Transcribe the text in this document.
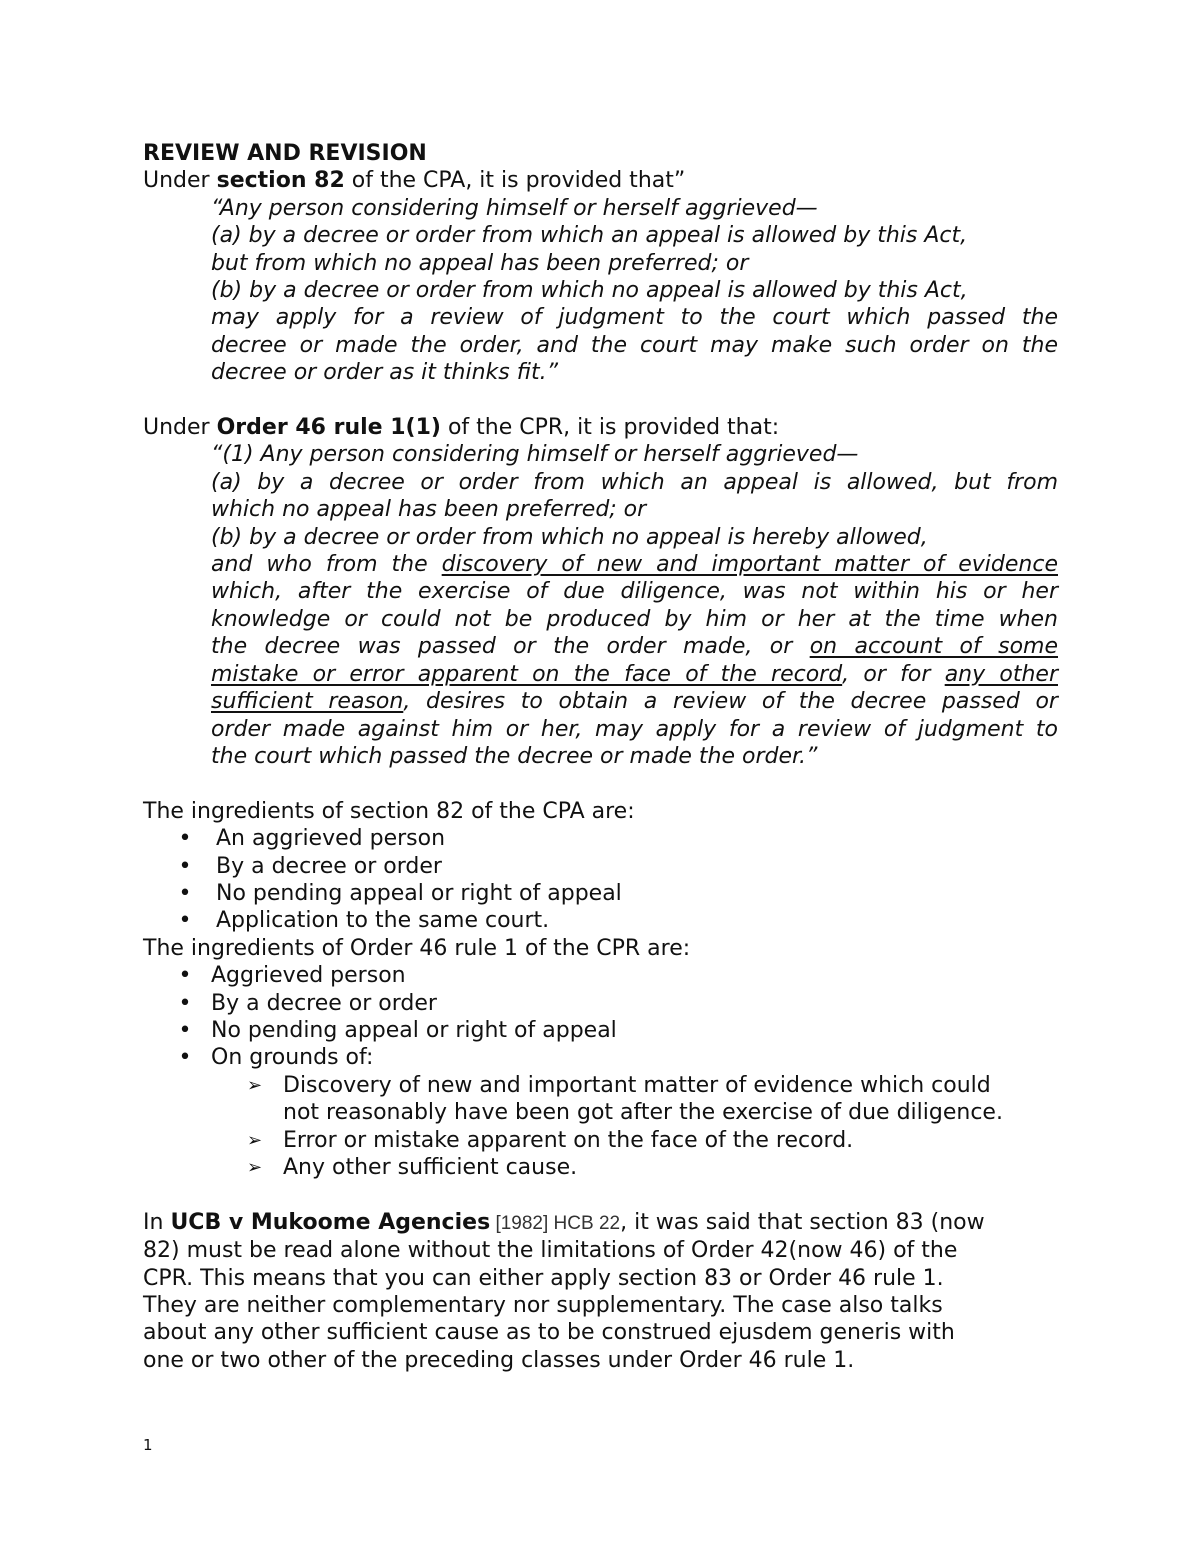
REVIEW AND REVISION
Under section 82 of the CPA, it is provided that”
“Any person considering himself or herself aggrieved—
(a) by a decree or order from which an appeal is allowed by this Act,
but from which no appeal has been preferred; or
(b) by a decree or order from which no appeal is allowed by this Act,
may apply for a review of judgment to the court which passed the
decree or made the order, and the court may make such order on the
decree or order as it thinks fit.”
Under Order 46 rule 1(1) of the CPR, it is provided that:
“(1) Any person considering himself or herself aggrieved—
(a) by a decree or order from which an appeal is allowed, but from
which no appeal has been preferred; or
(b) by a decree or order from which no appeal is hereby allowed,
and who from the discovery of new and important matter of evidence
which, after the exercise of due diligence, was not within his or her
knowledge or could not be produced by him or her at the time when
the decree was passed or the order made, or on account of some
mistake or error apparent on the face of the record, or for any other
sufficient reason, desires to obtain a review of the decree passed or
order made against him or her, may apply for a review of judgment to
the court which passed the decree or made the order.”
The ingredients of section 82 of the CPA are:
• An aggrieved person
• By a decree or order
• No pending appeal or right of appeal
• Application to the same court.
The ingredients of Order 46 rule 1 of the CPR are:
• Aggrieved person
• By a decree or order
• No pending appeal or right of appeal
• On grounds of:
➢ Discovery of new and important matter of evidence which could
not reasonably have been got after the exercise of due diligence.
➢ Error or mistake apparent on the face of the record.
➢ Any other sufficient cause.
In UCB v Mukoome Agencies [1982] HCB 22, it was said that section 83 (now
82) must be read alone without the limitations of Order 42(now 46) of the
CPR. This means that you can either apply section 83 or Order 46 rule 1.
They are neither complementary nor supplementary. The case also talks
about any other sufficient cause as to be construed ejusdem generis with
one or two other of the preceding classes under Order 46 rule 1.
1
